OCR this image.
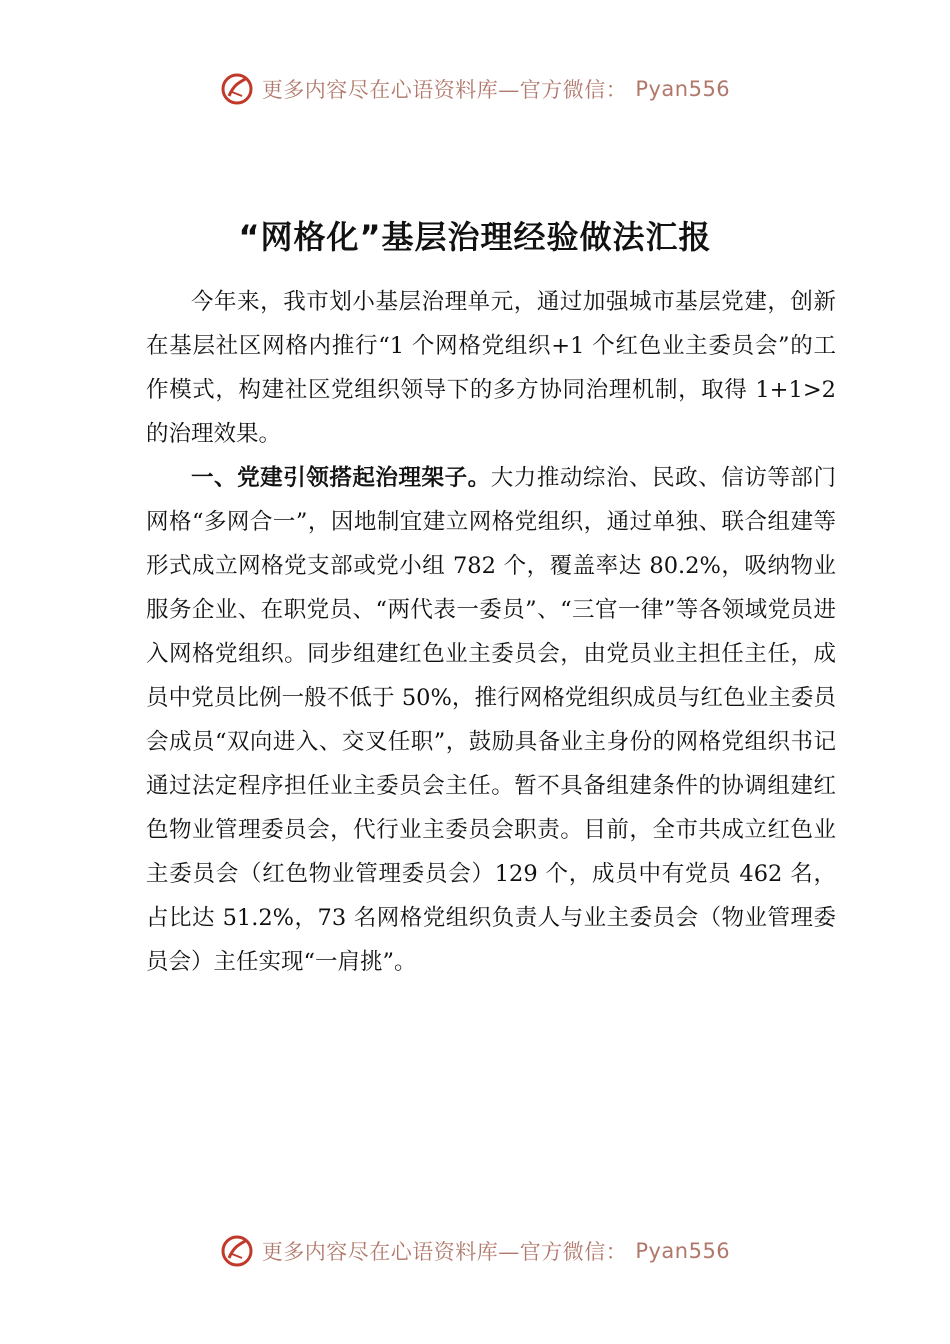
更多内容尽在心语资料库—官方微信： Pyan556
“网格化”基层治理经验做法汇报

今年来，我市划小基层治理单元，通过加强城市基层党建，创新在基层社区网格内推行“1 个网格党组织+1 个红色业主委员会”的工作模式，构建社区党组织领导下的多方协同治理机制，取得 1+1>2 的治理效果。

一、党建引领搭起治理架子。大力推动综治、民政、信访等部门网格“多网合一”，因地制宜建立网格党组织，通过单独、联合组建等形式成立网格党支部或党小组 782 个，覆盖率达 80.2%，吸纳物业服务企业、在职党员、“两代表一委员”、“三官一律”等各领域党员进入网格党组织。同步组建红色业主委员会，由党员业主担任主任，成员中党员比例一般不低于 50%，推行网格党组织成员与红色业主委员会成员“双向进入、交叉任职”，鼓励具备业主身份的网格党组织书记通过法定程序担任业主委员会主任。暂不具备组建条件的协调组建红色物业管理委员会，代行业主委员会职责。目前，全市共成立红色业主委员会（红色物业管理委员会）129 个，成员中有党员 462 名，占比达 51.2%，73 名网格党组织负责人与业主委员会（物业管理委员会）主任实现“一肩挑”。

更多内容尽在心语资料库—官方微信： Pyan556
